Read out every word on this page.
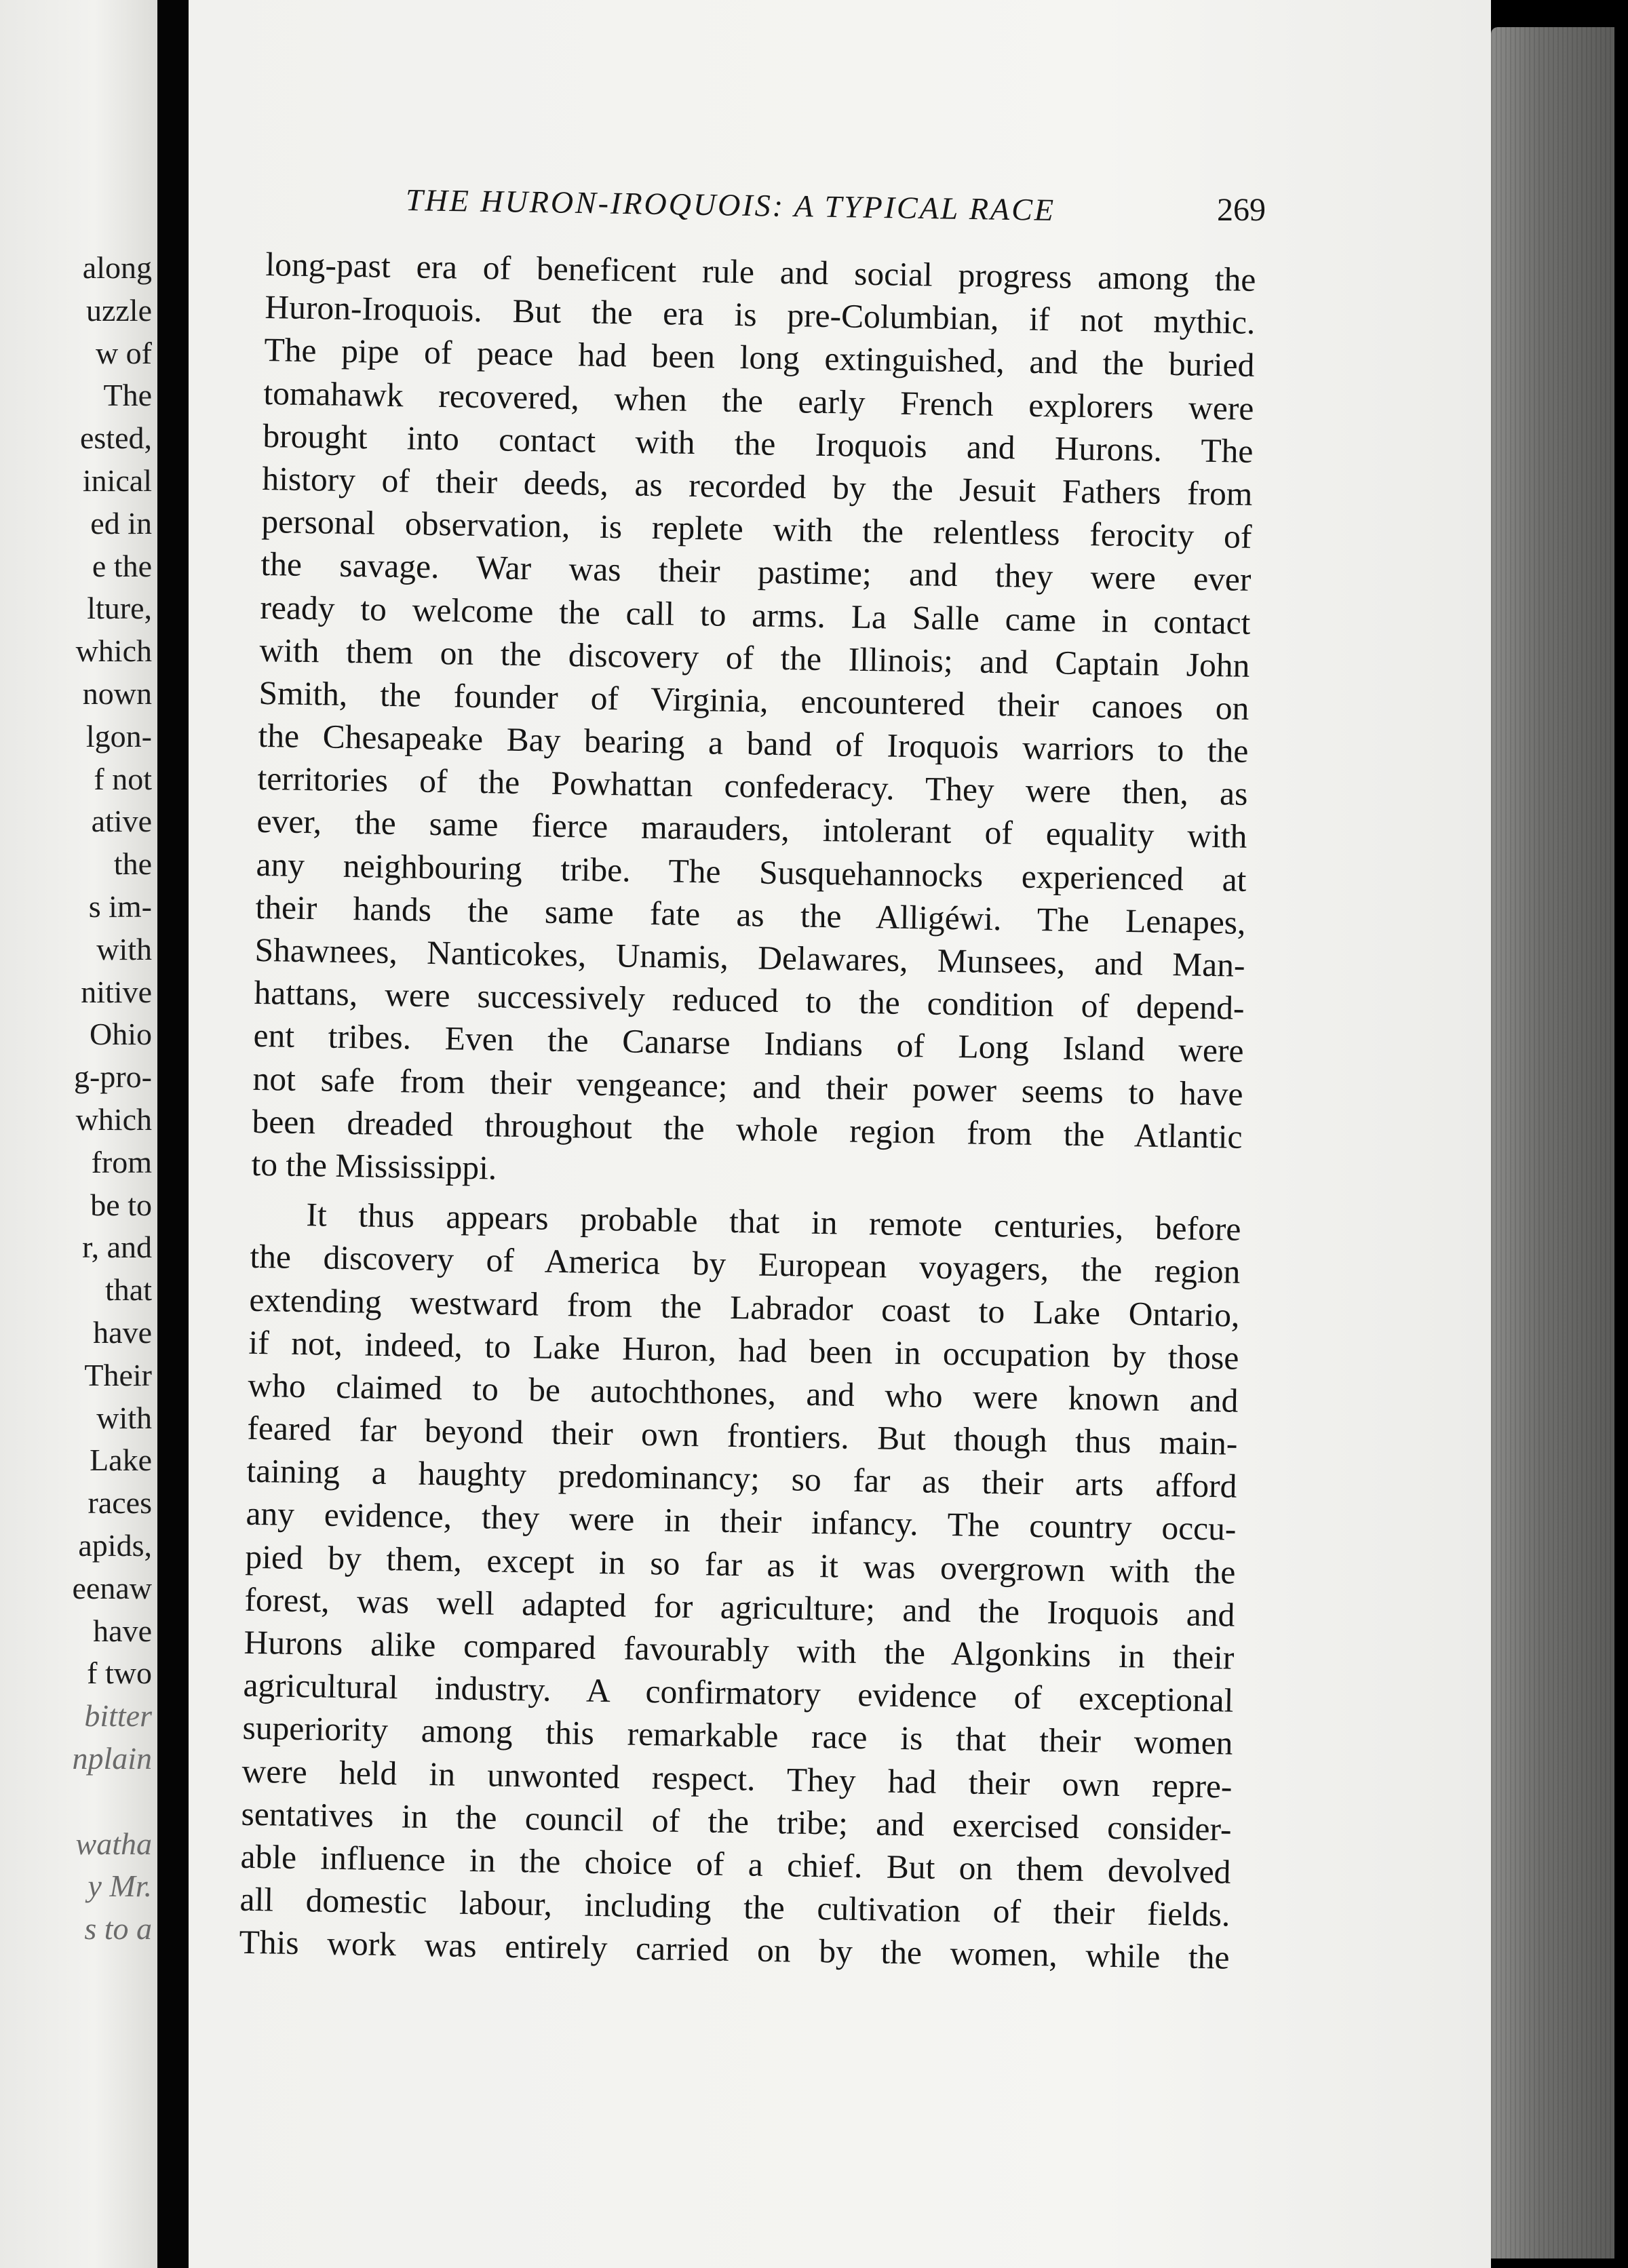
along
uzzle
w of
The
ested,
inical
ed in
e the
lture,
which
nown
lgon-
f not
ative
the
s im-
with
nitive
Ohio
g-pro-
which
from
be to
r, and
that
have
Their
with
Lake
races
apids,
eenaw
have
f two
bitter
nplain
watha
y Mr.
s to a
THE HURON-IROQUOIS: A TYPICAL RACE	269
long-past era of beneficent rule and social progress among the
Huron-Iroquois. But the era is pre-Columbian, if not mythic.
The pipe of peace had been long extinguished, and the buried
tomahawk recovered, when the early French explorers were
brought into contact with the Iroquois and Hurons. The
history of their deeds, as recorded by the Jesuit Fathers from
personal observation, is replete with the relentless ferocity of
the savage. War was their pastime; and they were ever
ready to welcome the call to arms. La Salle came in contact
with them on the discovery of the Illinois; and Captain John
Smith, the founder of Virginia, encountered their canoes on
the Chesapeake Bay bearing a band of Iroquois warriors to the
territories of the Powhattan confederacy. They were then, as
ever, the same fierce marauders, intolerant of equality with
any neighbouring tribe. The Susquehannocks experienced at
their hands the same fate as the Alligéwi. The Lenapes,
Shawnees, Nanticokes, Unamis, Delawares, Munsees, and Man-
hattans, were successively reduced to the condition of depend-
ent tribes. Even the Canarse Indians of Long Island were
not safe from their vengeance; and their power seems to have
been dreaded throughout the whole region from the Atlantic
to the Mississippi.
It thus appears probable that in remote centuries, before
the discovery of America by European voyagers, the region
extending westward from the Labrador coast to Lake Ontario,
if not, indeed, to Lake Huron, had been in occupation by those
who claimed to be autochthones, and who were known and
feared far beyond their own frontiers. But though thus main-
taining a haughty predominancy; so far as their arts afford
any evidence, they were in their infancy. The country occu-
pied by them, except in so far as it was overgrown with the
forest, was well adapted for agriculture; and the Iroquois and
Hurons alike compared favourably with the Algonkins in their
agricultural industry. A confirmatory evidence of exceptional
superiority among this remarkable race is that their women
were held in unwonted respect. They had their own repre-
sentatives in the council of the tribe; and exercised consider-
able influence in the choice of a chief. But on them devolved
all domestic labour, including the cultivation of their fields.
This work was entirely carried on by the women, while the
